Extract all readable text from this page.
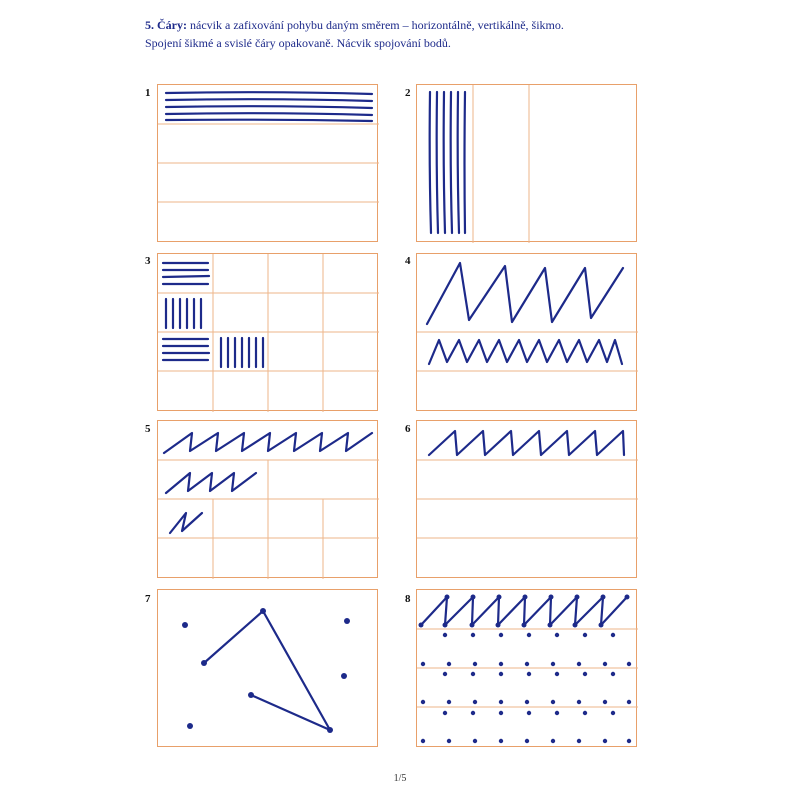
5. Čáry: nácvik a zafixování pohybu daným směrem – horizontálně, vertikálně, šikmo.
Spojení šikmé a svislé čáry opakovaně. Nácvik spojování bodů.
1	2
3	4
5	6
7	8
1/5
